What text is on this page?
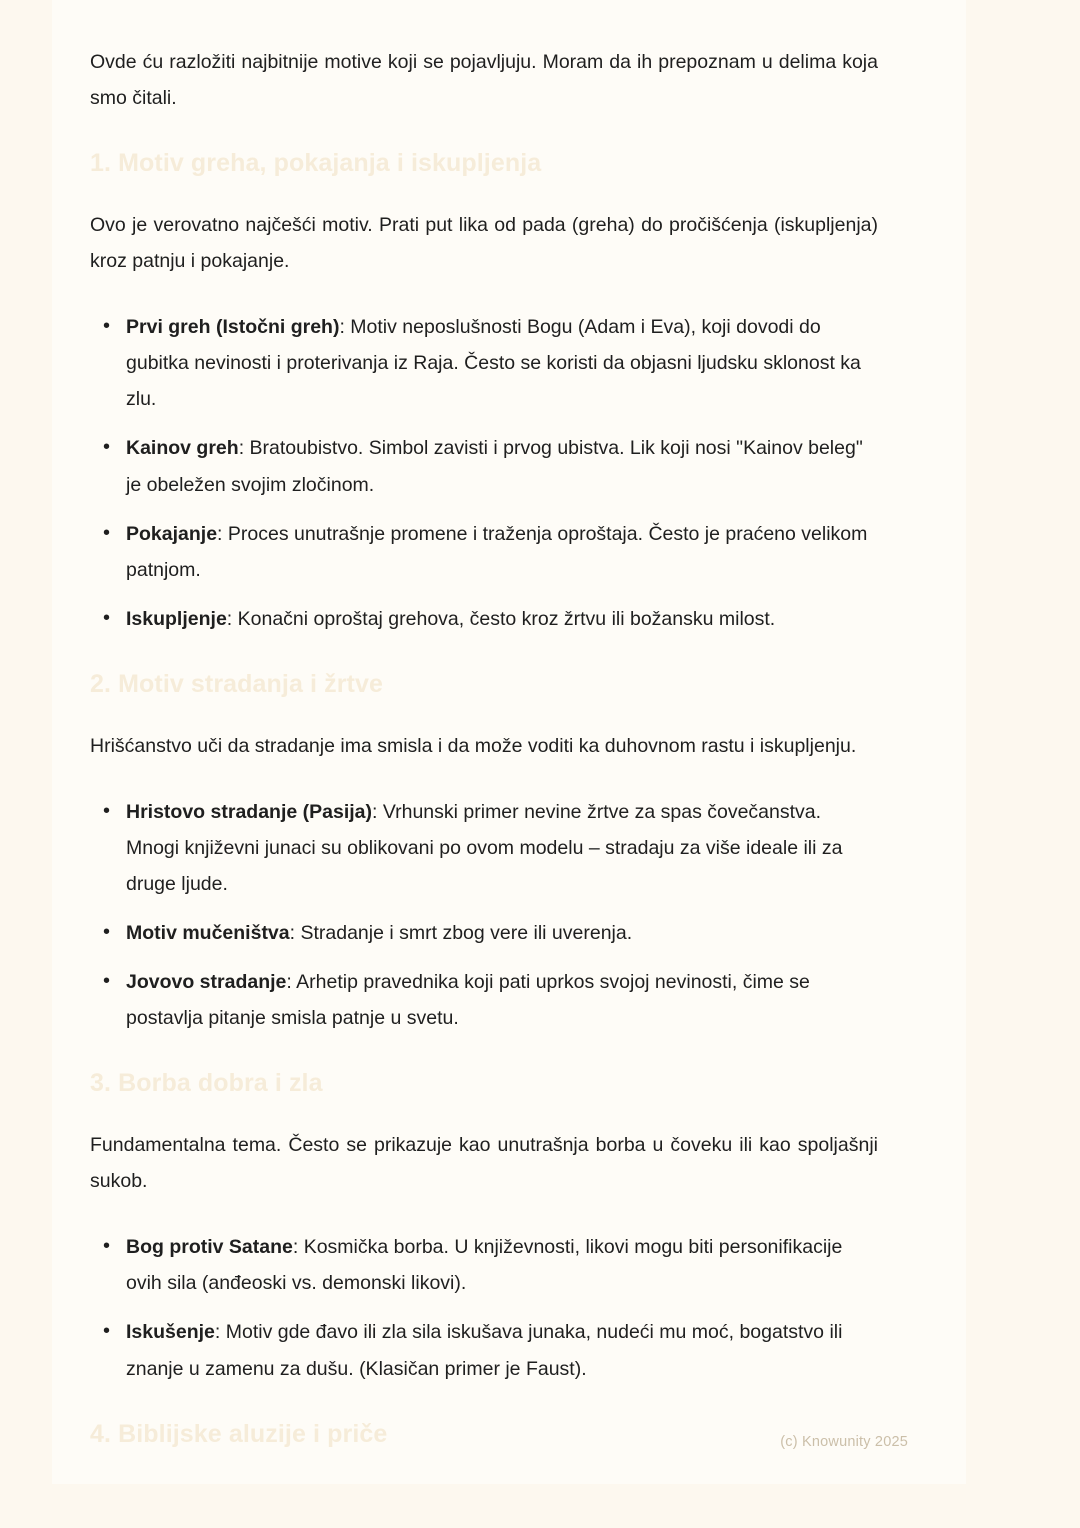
Ovde ću razložiti najbitnije motive koji se pojavljuju. Moram da ih prepoznam u delima koja smo čitali.

1. Motiv greha, pokajanja i iskupljenja

Ovo je verovatno najčešći motiv. Prati put lika od pada (greha) do pročišćenja (iskupljenja) kroz patnju i pokajanje.

• Prvi greh (Istočni greh): Motiv neposlušnosti Bogu (Adam i Eva), koji dovodi do gubitka nevinosti i proterivanja iz Raja. Često se koristi da objasni ljudsku sklonost ka zlu.
• Kainov greh: Bratoubistvo. Simbol zavisti i prvog ubistva. Lik koji nosi "Kainov beleg" je obeležen svojim zločinom.
• Pokajanje: Proces unutrašnje promene i traženja oproštaja. Često je praćeno velikom patnjom.
• Iskupljenje: Konačni oproštaj grehova, često kroz žrtvu ili božansku milost.
2. Motiv stradanja i žrtve

Hrišćanstvo uči da stradanje ima smisla i da može voditi ka duhovnom rastu i iskupljenju.

• Hristovo stradanje (Pasija): Vrhunski primer nevine žrtve za spas čovečanstva. Mnogi književni junaci su oblikovani po ovom modelu – stradaju za više ideale ili za druge ljude.
• Motiv mučeništva: Stradanje i smrt zbog vere ili uverenja.
• Jovovo stradanje: Arhetip pravednika koji pati uprkos svojoj nevinosti, čime se postavlja pitanje smisla patnje u svetu.
3. Borba dobra i zla

Fundamentalna tema. Često se prikazuje kao unutrašnja borba u čoveku ili kao spoljašnji sukob.

• Bog protiv Satane: Kosmička borba. U književnosti, likovi mogu biti personifikacije ovih sila (anđeoski vs. demonski likovi).
• Iskušenje: Motiv gde đavo ili zla sila iskušava junaka, nudeći mu moć, bogatstvo ili znanje u zamenu za dušu. (Klasičan primer je Faust).
4. Biblijske aluzije i priče	(c) Knowunity 2025
